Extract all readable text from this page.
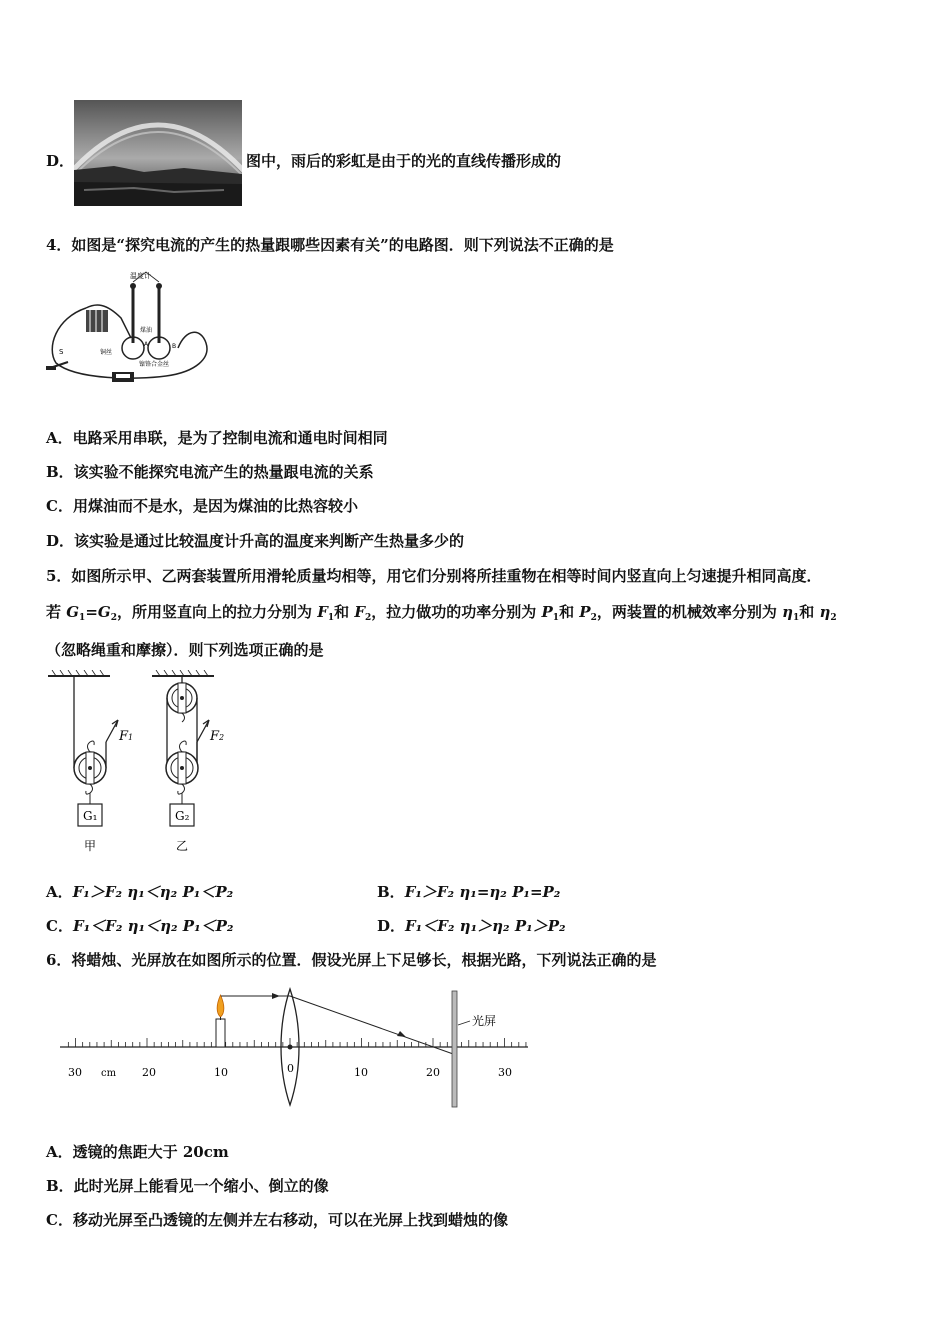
D．	图中，雨后的彩虹是由于的光的直线传播形成的
4．如图是“探究电流的产生的热量跟哪些因素有关”的电路图．则下列说法不正确的是
温度计
煤油
A	B
铜丝
镍铬合金丝
S
A．电路采用串联，是为了控制电流和通电时间相同
B．该实验不能探究电流产生的热量跟电流的关系
C．用煤油而不是水，是因为煤油的比热容较小
D．该实验是通过比较温度计升高的温度来判断产生热量多少的
5．如图所示甲、乙两套装置所用滑轮质量均相等，用它们分别将所挂重物在相等时间内竖直向上匀速提升相同高度．
若 $G_1=G_2$，所用竖直向上的拉力分别为 $F_1$和 $F_2$，拉力做功的功率分别为 $P_1$和 $P_2$，两装置的机械效率分别为 $\eta_1$和 $\eta_2$
（忽略绳重和摩擦）．则下列选项正确的是
F1
G₁
甲
F2
G₂
乙
A．F₁＞F₂ η₁＜η₂ P₁＜P₂	B．F₁＞F₂ η₁=η₂ P₁=P₂
C．F₁＜F₂ η₁＜η₂ P₁＜P₂	D．F₁＜F₂ η₁＞η₂ P₁＞P₂
6．将蜡烛、光屏放在如图所示的位置．假设光屏上下足够长，根据光路，下列说法正确的是
30 cm 20	10	0	10	20	30
光屏
A．透镜的焦距大于 20cm
B．此时光屏上能看见一个缩小、倒立的像
C．移动光屏至凸透镜的左侧并左右移动，可以在光屏上找到蜡烛的像
